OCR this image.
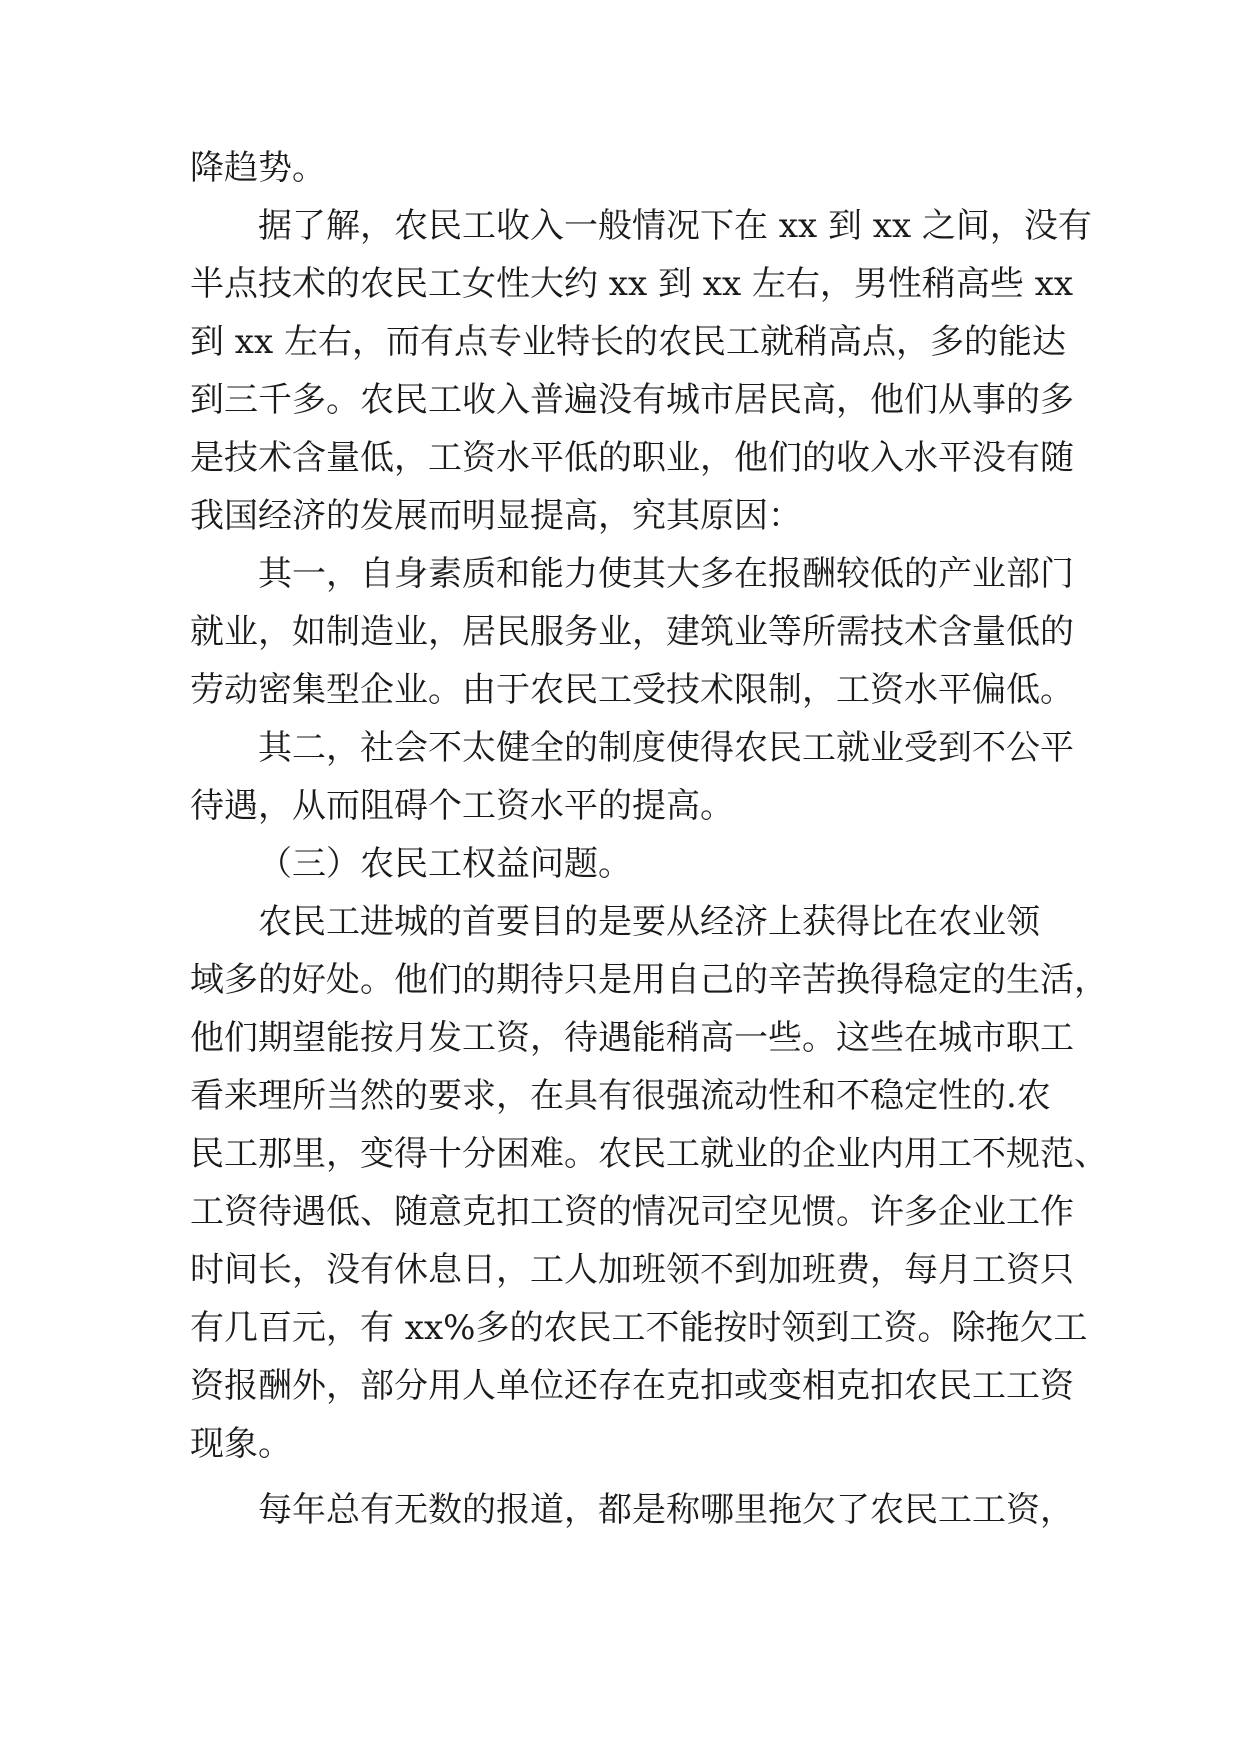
降趋势。
据了解，农民工收入一般情况下在 xx 到 xx 之间，没有
半点技术的农民工女性大约 xx 到 xx 左右，男性稍高些 xx
到 xx 左右，而有点专业特长的农民工就稍高点，多的能达
到三千多。农民工收入普遍没有城市居民高，他们从事的多
是技术含量低，工资水平低的职业，他们的收入水平没有随
我国经济的发展而明显提高，究其原因：
其一，自身素质和能力使其大多在报酬较低的产业部门
就业，如制造业，居民服务业，建筑业等所需技术含量低的
劳动密集型企业。由于农民工受技术限制，工资水平偏低。
其二，社会不太健全的制度使得农民工就业受到不公平
待遇，从而阻碍个工资水平的提高。
（三）农民工权益问题。
农民工进城的首要目的是要从经济上获得比在农业领
域多的好处。他们的期待只是用自己的辛苦换得稳定的生活，
他们期望能按月发工资，待遇能稍高一些。这些在城市职工
看来理所当然的要求，在具有很强流动性和不稳定性的.农
民工那里，变得十分困难。农民工就业的企业内用工不规范、
工资待遇低、随意克扣工资的情况司空见惯。许多企业工作
时间长，没有休息日，工人加班领不到加班费，每月工资只
有几百元，有 xx%多的农民工不能按时领到工资。除拖欠工
资报酬外，部分用人单位还存在克扣或变相克扣农民工工资
现象。
每年总有无数的报道，都是称哪里拖欠了农民工工资，
